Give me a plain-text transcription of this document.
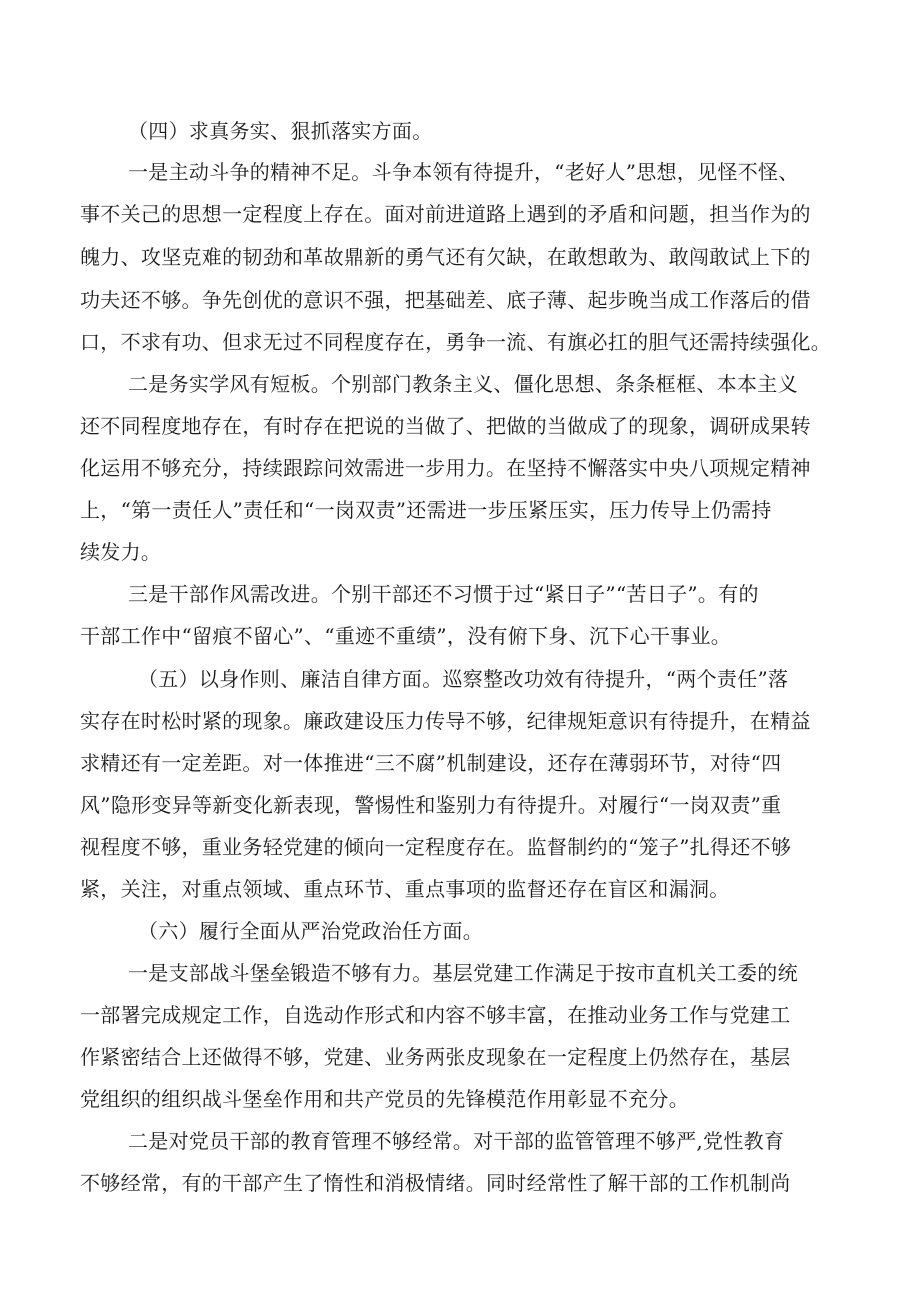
（四）求真务实、狠抓落实方面。
一是主动斗争的精神不足。斗争本领有待提升，“老好人”思想，见怪不怪、
事不关己的思想一定程度上存在。面对前进道路上遇到的矛盾和问题，担当作为的
魄力、攻坚克难的韧劲和革故鼎新的勇气还有欠缺，在敢想敢为、敢闯敢试上下的
功夫还不够。争先创优的意识不强，把基础差、底子薄、起步晚当成工作落后的借
口，不求有功、但求无过不同程度存在，勇争一流、有旗必扛的胆气还需持续强化。
二是务实学风有短板。个别部门教条主义、僵化思想、条条框框、本本主义
还不同程度地存在，有时存在把说的当做了、把做的当做成了的现象，调研成果转
化运用不够充分，持续跟踪问效需进一步用力。在坚持不懈落实中央八项规定精神
上，“第一责任人”责任和“一岗双责”还需进一步压紧压实，压力传导上仍需持
续发力。
三是干部作风需改进。个别干部还不习惯于过“紧日子”“苦日子”。有的
干部工作中“留痕不留心”、“重迹不重绩”，没有俯下身、沉下心干事业。
（五）以身作则、廉洁自律方面。巡察整改功效有待提升，“两个责任”落
实存在时松时紧的现象。廉政建设压力传导不够，纪律规矩意识有待提升，在精益
求精还有一定差距。对一体推进“三不腐”机制建设，还存在薄弱环节，对待“四
风”隐形变异等新变化新表现，警惕性和鉴别力有待提升。对履行“一岗双责”重
视程度不够，重业务轻党建的倾向一定程度存在。监督制约的“笼子”扎得还不够
紧，关注，对重点领域、重点环节、重点事项的监督还存在盲区和漏洞。
（六）履行全面从严治党政治任方面。
一是支部战斗堡垒锻造不够有力。基层党建工作满足于按市直机关工委的统
一部署完成规定工作，自选动作形式和内容不够丰富，在推动业务工作与党建工
作紧密结合上还做得不够，党建、业务两张皮现象在一定程度上仍然存在，基层
党组织的组织战斗堡垒作用和共产党员的先锋模范作用彰显不充分。
二是对党员干部的教育管理不够经常。对干部的监管管理不够严,党性教育
不够经常，有的干部产生了惰性和消极情绪。同时经常性了解干部的工作机制尚
